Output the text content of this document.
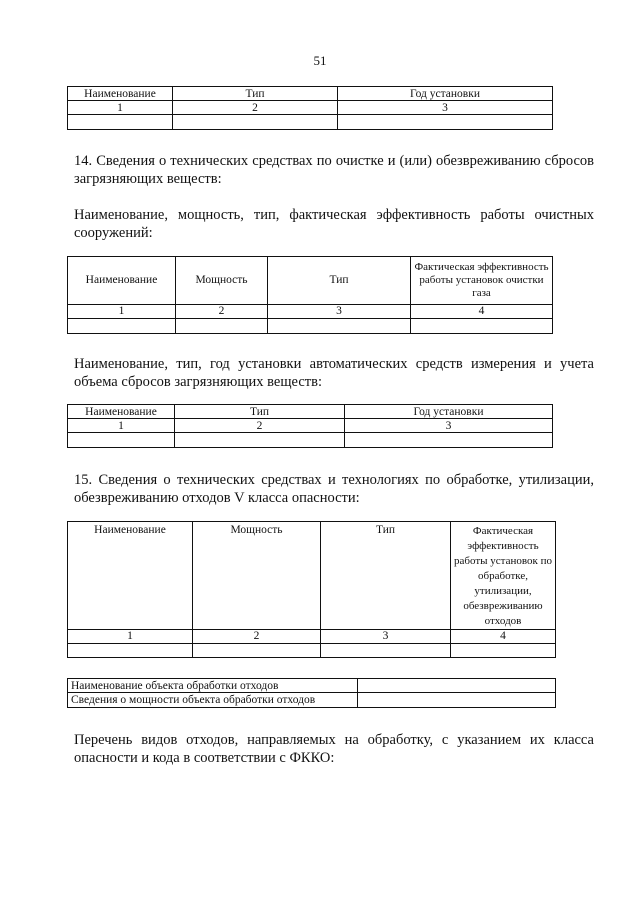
51
Наименование	Тип	Год установки
1	2	3

14. Сведения о технических средствах по очистке и (или) обезвреживанию сбросов загрязняющих веществ:

Наименование, мощность, тип, фактическая эффективность работы очистных сооружений:

Наименование	Мощность	Тип	Фактическая эффективность работы установок очистки газа
1	2	3	4

Наименование, тип, год установки автоматических средств измерения и учета объема сбросов загрязняющих веществ:

Наименование	Тип	Год установки
1	2	3

15. Сведения о технических средствах и технологиях по обработке, утилизации, обезвреживанию отходов V класса опасности:

Наименование	Мощность	Тип	Фактическая эффективность работы установок по обработке, утилизации, обезвреживанию отходов
1	2	3	4

Наименование объекта обработки отходов	
Сведения о мощности объекта обработки отходов	

Перечень видов отходов, направляемых на обработку, с указанием их класса опасности и кода в соответствии с ФККО:
